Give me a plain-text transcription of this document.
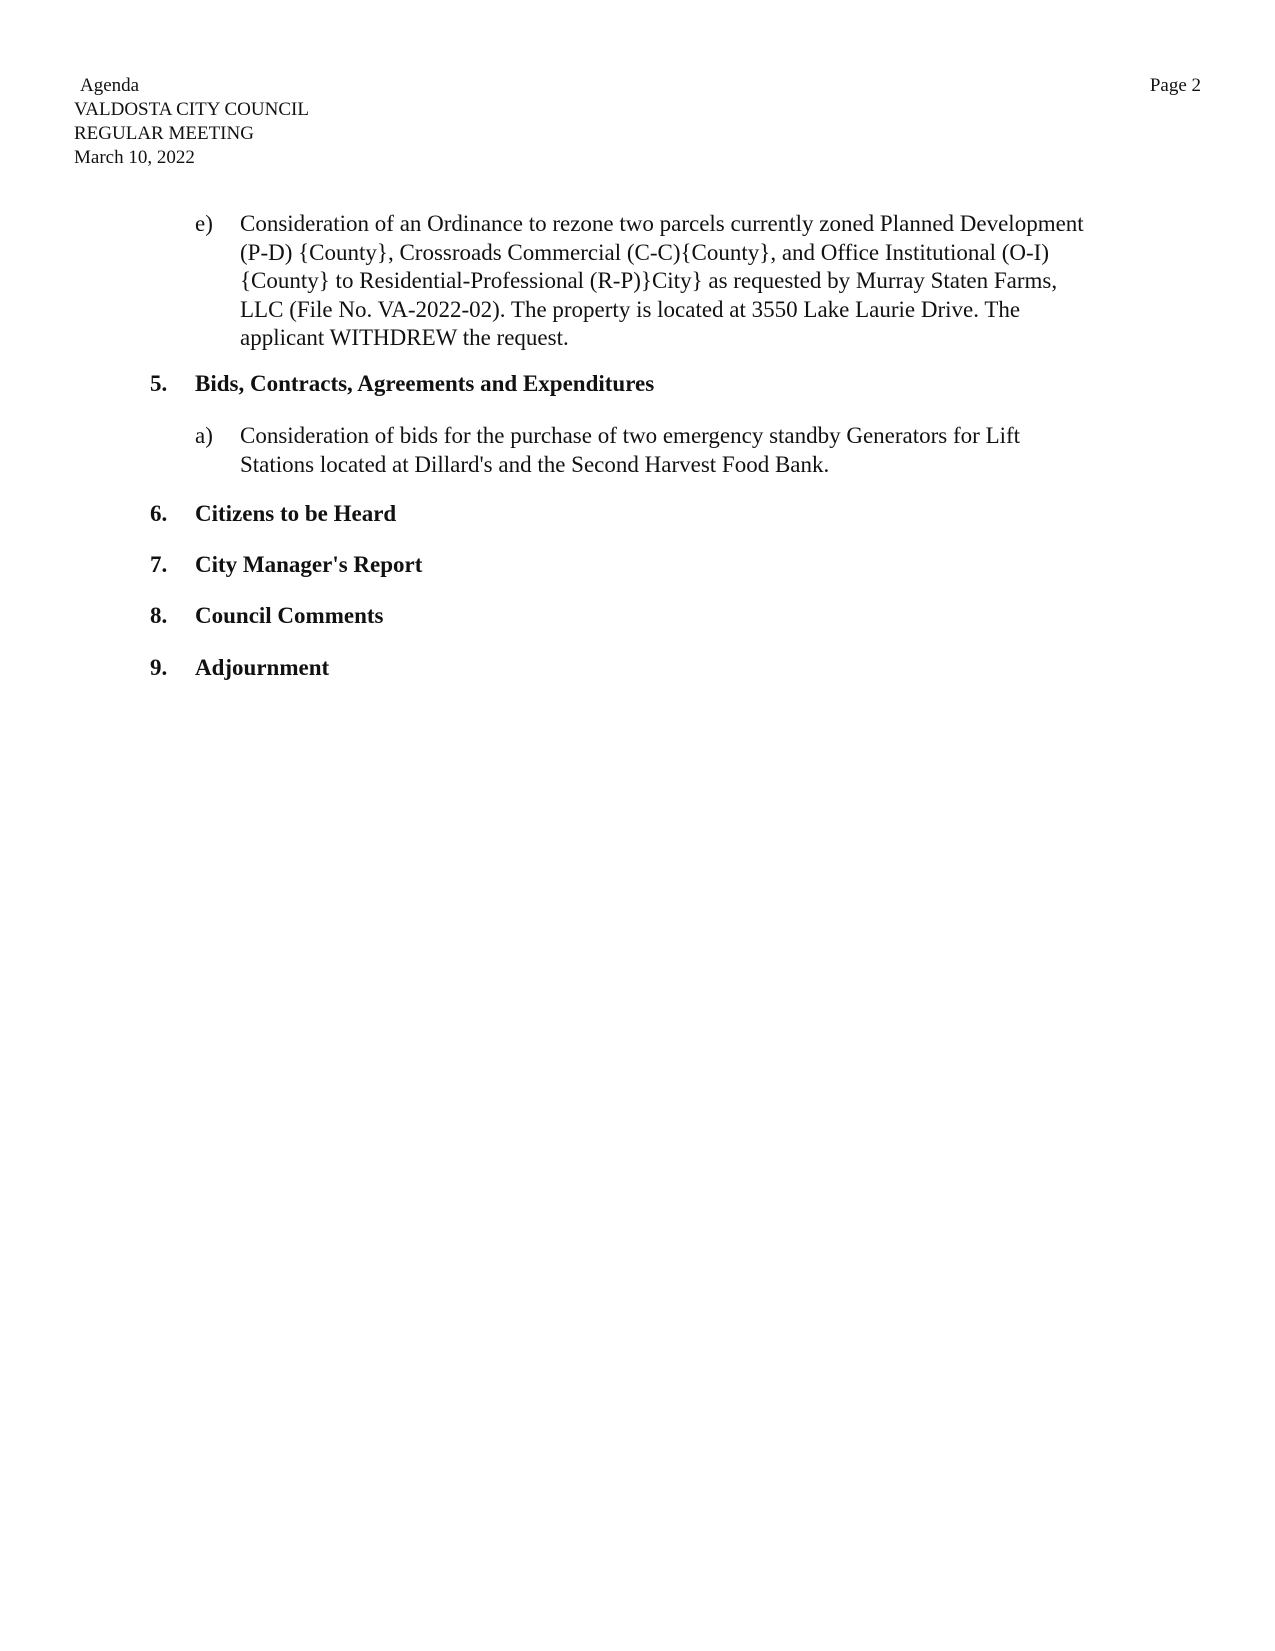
Agenda
VALDOSTA CITY COUNCIL
REGULAR MEETING
March 10, 2022
Page 2
e) Consideration of an Ordinance to rezone two parcels currently zoned Planned Development (P-D) {County}, Crossroads Commercial (C-C){County}, and Office Institutional (O-I){County} to Residential-Professional (R-P)}City} as requested by Murray Staten Farms, LLC (File No. VA-2022-02). The property is located at 3550 Lake Laurie Drive. The applicant WITHDREW the request.
5. Bids, Contracts, Agreements and Expenditures
a) Consideration of bids for the purchase of two emergency standby Generators for Lift Stations located at Dillard's and the Second Harvest Food Bank.
6. Citizens to be Heard
7. City Manager's Report
8. Council Comments
9. Adjournment
